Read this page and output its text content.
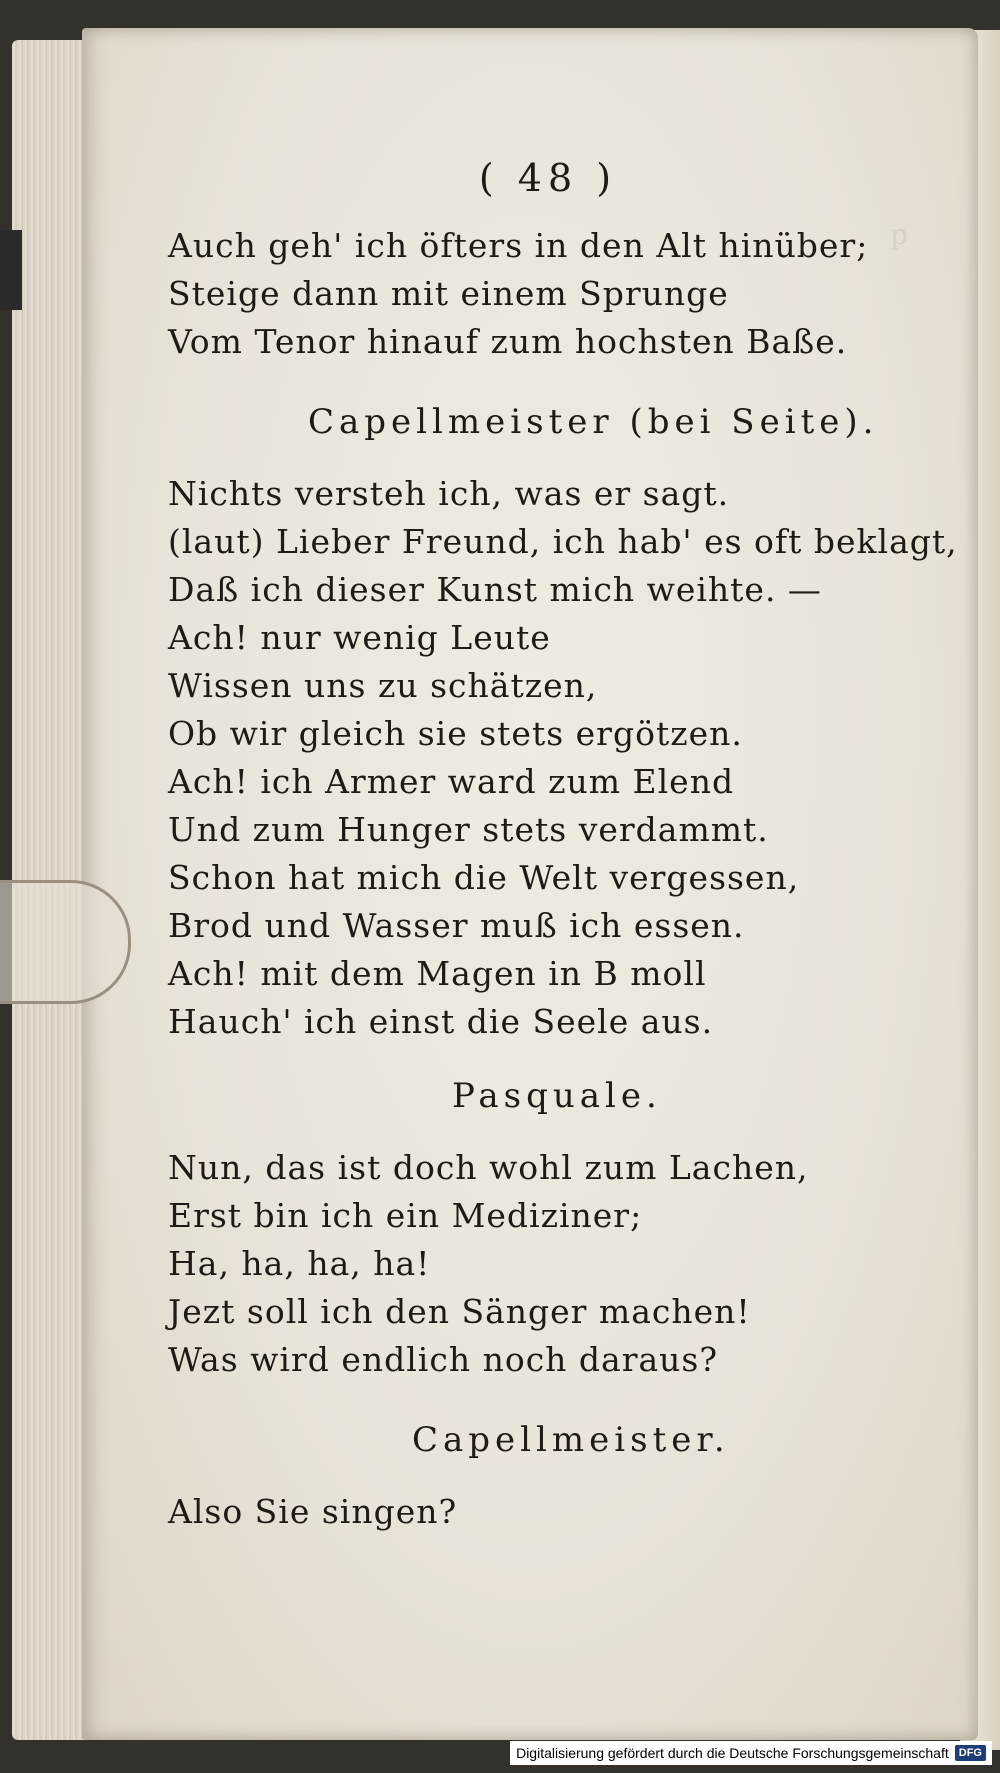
p
( 48 )
Auch geh' ich öfters in den Alt hinüber;
Steige dann mit einem Sprunge
Vom Tenor hinauf zum hochsten Baße.
Capellmeister (bei Seite).
Nichts versteh ich, was er sagt.
(laut) Lieber Freund, ich hab' es oft beklagt,
Daß ich dieser Kunst mich weihte. —
Ach! nur wenig Leute
Wissen uns zu schätzen,
Ob wir gleich sie stets ergötzen.
Ach! ich Armer ward zum Elend
Und zum Hunger stets verdammt.
Schon hat mich die Welt vergessen,
Brod und Wasser muß ich essen.
Ach! mit dem Magen in B moll
Hauch' ich einst die Seele aus.
Pasquale.
Nun, das ist doch wohl zum Lachen,
Erst bin ich ein Mediziner;
Ha, ha, ha, ha!
Jezt soll ich den Sänger machen!
Was wird endlich noch daraus?
Capellmeister.
Also Sie singen?
Digitalisierung gefördert durch die Deutsche Forschungsgemeinschaft DFG
